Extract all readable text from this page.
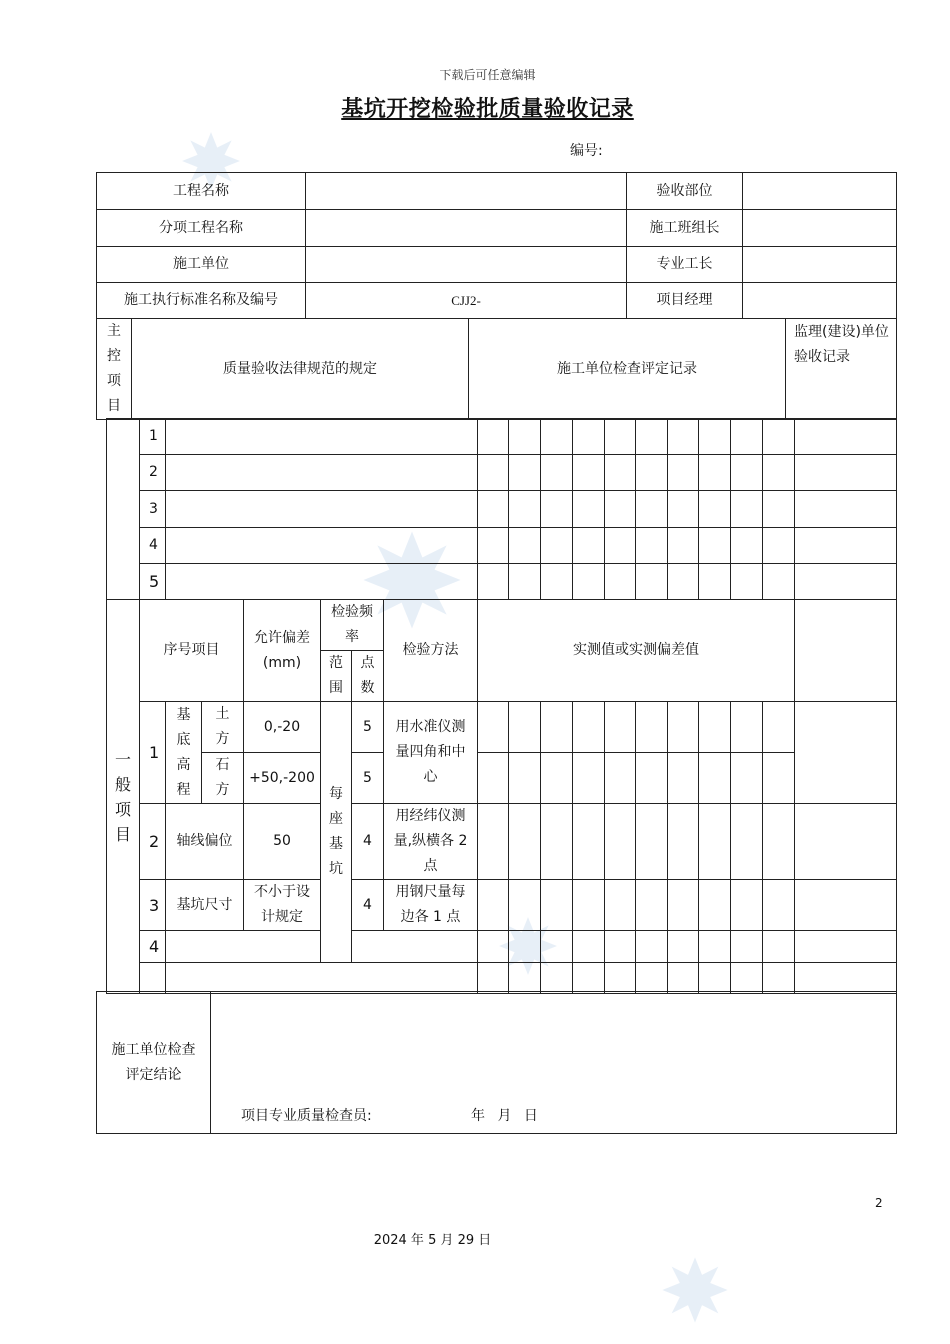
下载后可任意编辑
基坑开挖检验批质量验收记录
编号:
工程名称		验收部位	
分项工程名称		施工班组长	
施工单位		专业工长	
施工执行标准名称及编号	CJJ2-	项目经理	
主
控
项
目
	质量验收法律规范的规定	施工单位检查评定记录	监理(建设)单位验收记录
	1																	
	2																	
	3																	
	4																	
	5																	

一
般
项
目	序号项目			允许偏差(mm)	检验频率		检验方法	实测值或实测偏差值										
					范围	点数												
	1	基底高程	土方	0,-20	每座基坑	5	用水准仪测量四角和中心											
			石方	+50,-200		5												
	2	轴线偏位		50		4	用经纬仪测量,纵横各 2 点											
	3	基坑尺寸		不小于设计规定		4	用钢尺量每边各 1 点											
	4																	

施工单位检查评定结论	
项目专业质量检查员:	年 月 日
2
2024 年 5 月 29 日
